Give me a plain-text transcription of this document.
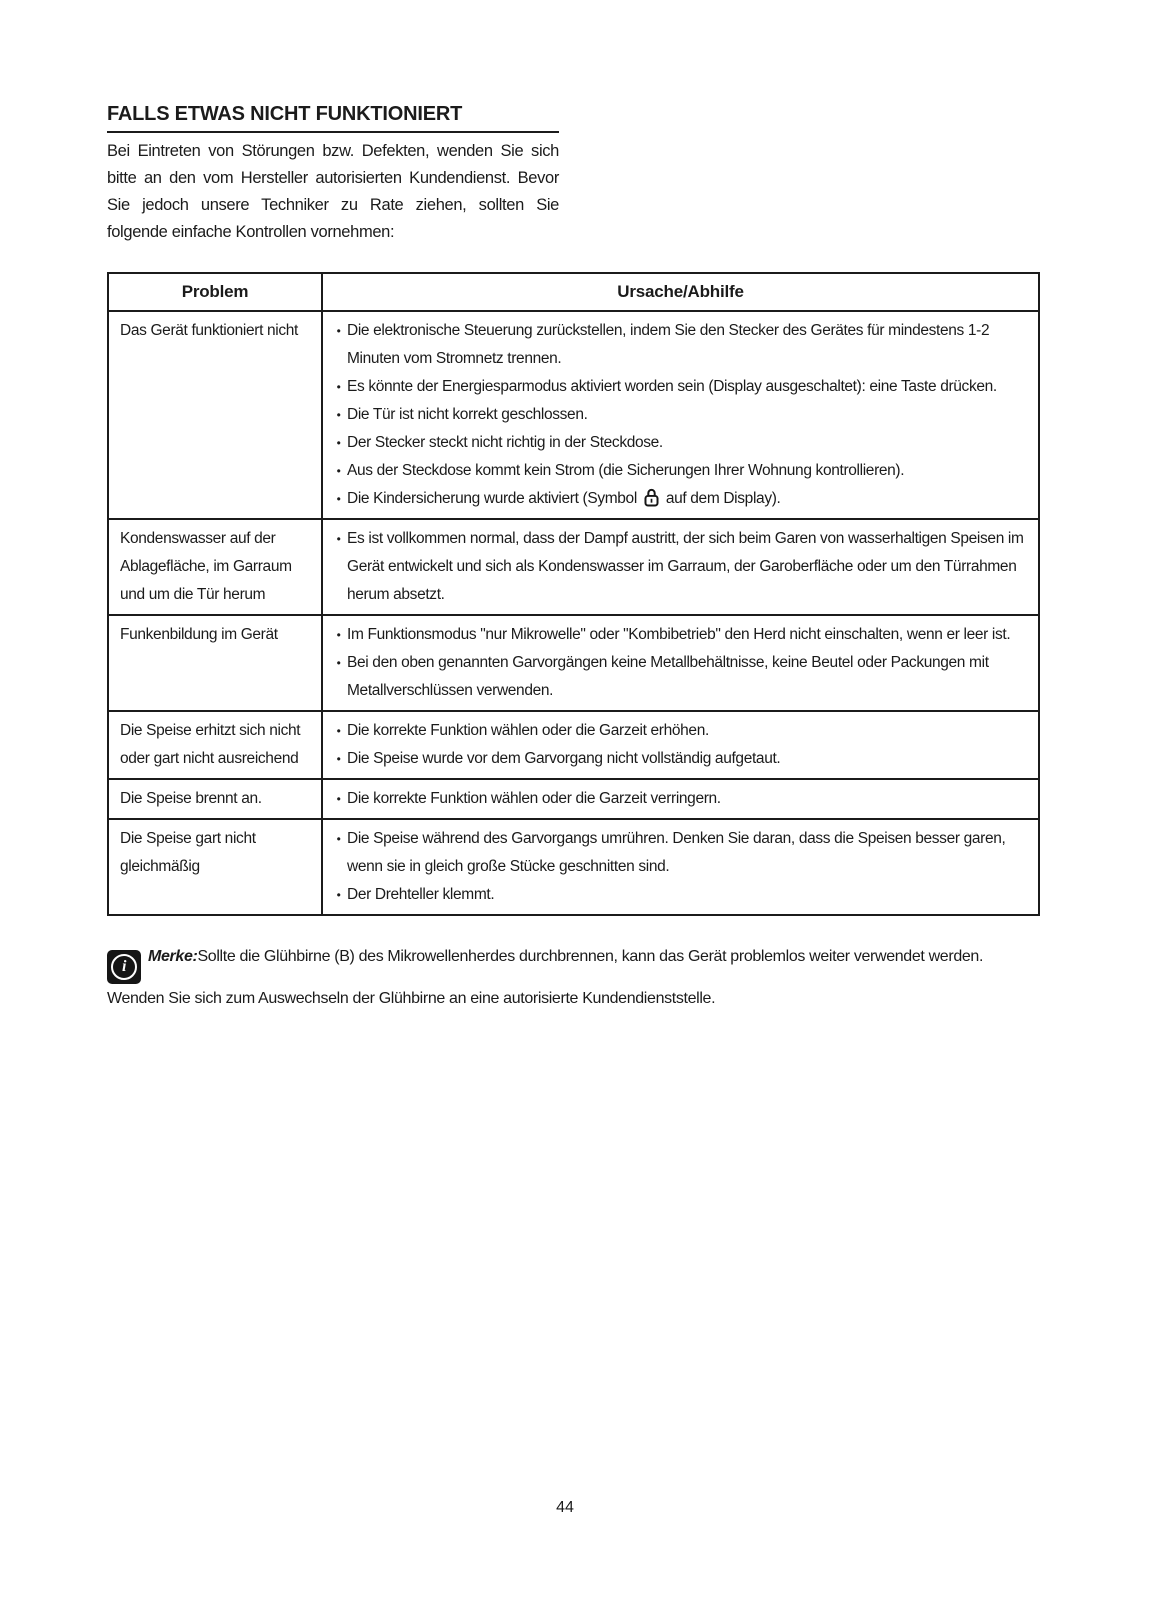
FALLS ETWAS NICHT FUNKTIONIERT

Bei Eintreten von Störungen bzw. Defekten, wenden Sie sich bitte an den vom Hersteller autorisierten Kundendienst. Bevor Sie jedoch unsere Techniker zu Rate ziehen, sollten Sie folgende einfache Kontrollen vornehmen:

Problem	Ursache/Abhilfe
Das Gerät funktioniert nicht	• Die elektronische Steuerung zurückstellen, indem Sie den Stecker des Gerätes für mindestens 1-2 Minuten vom Stromnetz trennen.
• Es könnte der Energiesparmodus aktiviert worden sein (Display ausgeschaltet): eine Taste drücken.
• Die Tür ist nicht korrekt geschlossen.
• Der Stecker steckt nicht richtig in der Steckdose.
• Aus der Steckdose kommt kein Strom (die Sicherungen Ihrer Wohnung kontrollieren).
• Die Kindersicherung wurde aktiviert (Symbol  auf dem Display).

Kondenswasser auf der Ablagefläche, im Garraum und um die Tür herum	• Es ist vollkommen normal, dass der Dampf austritt, der sich beim Garen von wasserhaltigen Speisen im Gerät entwickelt und sich als Kondenswasser im Garraum, der Garoberfläche oder um den Türrahmen herum absetzt.

Funkenbildung im Gerät	• Im Funktionsmodus "nur Mikrowelle" oder "Kombibetrieb" den Herd nicht einschalten, wenn er leer ist.
• Bei den oben genannten Garvorgängen keine Metallbehältnisse, keine Beutel oder Packungen mit Metallverschlüssen verwenden.

Die Speise erhitzt sich nicht oder gart nicht ausreichend	• Die korrekte Funktion wählen oder die Garzeit erhöhen.
• Die Speise wurde vor dem Garvorgang nicht vollständig aufgetaut.

Die Speise brennt an.	• Die korrekte Funktion wählen oder die Garzeit verringern.

Die Speise gart nicht gleichmäßig	• Die Speise während des Garvorgangs umrühren. Denken Sie daran, dass die Speisen besser garen, wenn sie in gleich große Stücke geschnitten sind.
• Der Drehteller klemmt.

i
Merke:Sollte die Glühbirne (B) des Mikrowellenherdes durchbrennen, kann das Gerät problemlos weiter verwendet werden. Wenden Sie sich zum Auswechseln der Glühbirne an eine autorisierte Kundendienststelle.

44
